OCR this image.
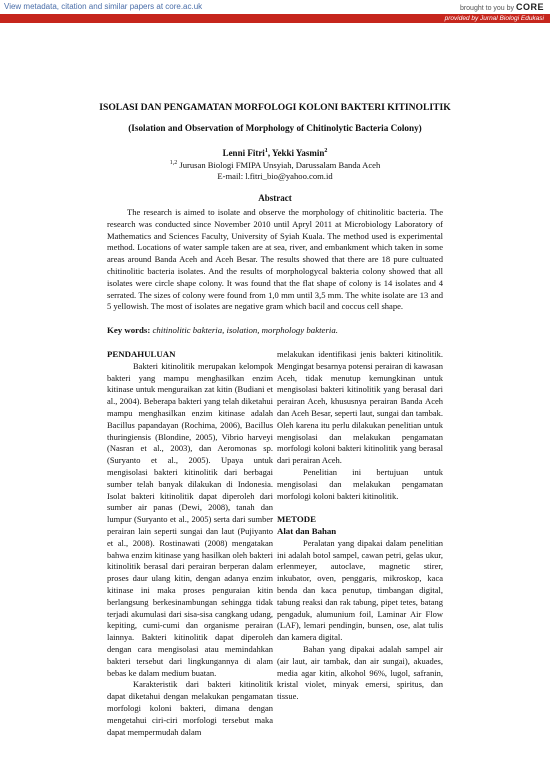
View metadata, citation and similar papers at core.ac.uk	brought to you by CORE
provided by Jurnal Biologi Edukasi
ISOLASI DAN PENGAMATAN MORFOLOGI KOLONI BAKTERI KITINOLITIK
(Isolation and Observation of Morphology of Chitinolytic Bacteria Colony)
Lenni Fitri$^1$, Yekki Yasmin$^2$
$^{1,2}$ Jurusan Biologi FMIPA Unsyiah, Darussalam Banda Aceh
E-mail: l.fitri_bio@yahoo.com.id
Abstract

The research is aimed to isolate and observe the morphology of chitinolitic bacteria. The research was conducted since November 2010 until Apryl 2011 at Microbiology Laboratory of Mathematics and Sciences Faculty, University of Syiah Kuala. The method used is experimental method. Locations of water sample taken are at sea, river, and embankment which taken in some areas around Banda Aceh and Aceh Besar. The results showed that there are 18 pure cultuated chitinolitic bacteria isolates. And the results of morphologycal bakteria colony showed that all isolates were circle shape colony. It was found that the flat shape of colony is 14 isolates and 4 serrated. The sizes of colony were found from 1,0 mm until 3,5 mm. The white isolate are 13 and 5 yellowish. The most of isolates are negative gram which bacil and coccus cell shape.

Key words: chitinolitic bakteria, isolation, morphology bakteria.

PENDAHULUAN

Bakteri kitinolitik merupakan kelompok bakteri yang mampu menghasilkan enzim kitinase untuk menguraikan zat kitin (Budiani et al., 2004). Beberapa bakteri yang telah diketahui mampu menghasilkan enzim kitinase adalah Bacillus papandayan (Rochima, 2006), Bacillus thuringiensis (Blondine, 2005), Vibrio harveyi (Nasran et al., 2003), dan Aeromonas sp. (Suryanto et al., 2005). Upaya untuk mengisolasi bakteri kitinolitik dari berbagai sumber telah banyak dilakukan di Indonesia. Isolat bakteri kitinolitik dapat diperoleh dari sumber air panas (Dewi, 2008), tanah dan lumpur (Suryanto et al., 2005) serta dari sumber perairan lain seperti sungai dan laut (Pujiyanto et al., 2008). Rostinawati (2008) mengatakan bahwa enzim kitinase yang hasilkan oleh bakteri kitinolitik berasal dari perairan berperan dalam proses daur ulang kitin, dengan adanya enzim kitinase ini maka proses penguraian kitin berlangsung berkesinambungan sehingga tidak terjadi akumulasi dari sisa-sisa cangkang udang, kepiting, cumi-cumi dan organisme perairan lainnya. Bakteri kitinolitik dapat diperoleh dengan cara mengisolasi atau memindahkan bakteri tersebut dari lingkungannya di alam bebas ke dalam medium buatan.

Karakteristik dari bakteri kitinolitik dapat diketahui dengan melakukan pengamatan morfologi koloni bakteri, dimana dengan mengetahui ciri-ciri morfologi tersebut maka dapat mempermudah dalam

melakukan identifikasi jenis bakteri kitinolitik. Mengingat besarnya potensi perairan di kawasan Aceh, tidak menutup kemungkinan untuk mengisolasi bakteri kitinolitik yang berasal dari perairan Aceh, khususnya perairan Banda Aceh dan Aceh Besar, seperti laut, sungai dan tambak. Oleh karena itu perlu dilakukan penelitian untuk mengisolasi dan melakukan pengamatan morfologi koloni bakteri kitinolitik yang berasal dari perairan Aceh.

Penelitian ini bertujuan untuk mengisolasi dan melakukan pengamatan morfologi koloni bakteri kitinolitik.

METODE

Alat dan Bahan

Peralatan yang dipakai dalam penelitian ini adalah botol sampel, cawan petri, gelas ukur, erlenmeyer, autoclave, magnetic stirer, inkubator, oven, penggaris, mikroskop, kaca benda dan kaca penutup, timbangan digital, tabung reaksi dan rak tabung, pipet tetes, batang pengaduk, alumunium foil, Laminar Air Flow (LAF), lemari pendingin, bunsen, ose, alat tulis dan kamera digital.

Bahan yang dipakai adalah sampel air (air laut, air tambak, dan air sungai), akuades, media agar kitin, alkohol 96%, lugol, safranin, kristal violet, minyak emersi, spiritus, dan tissue.
